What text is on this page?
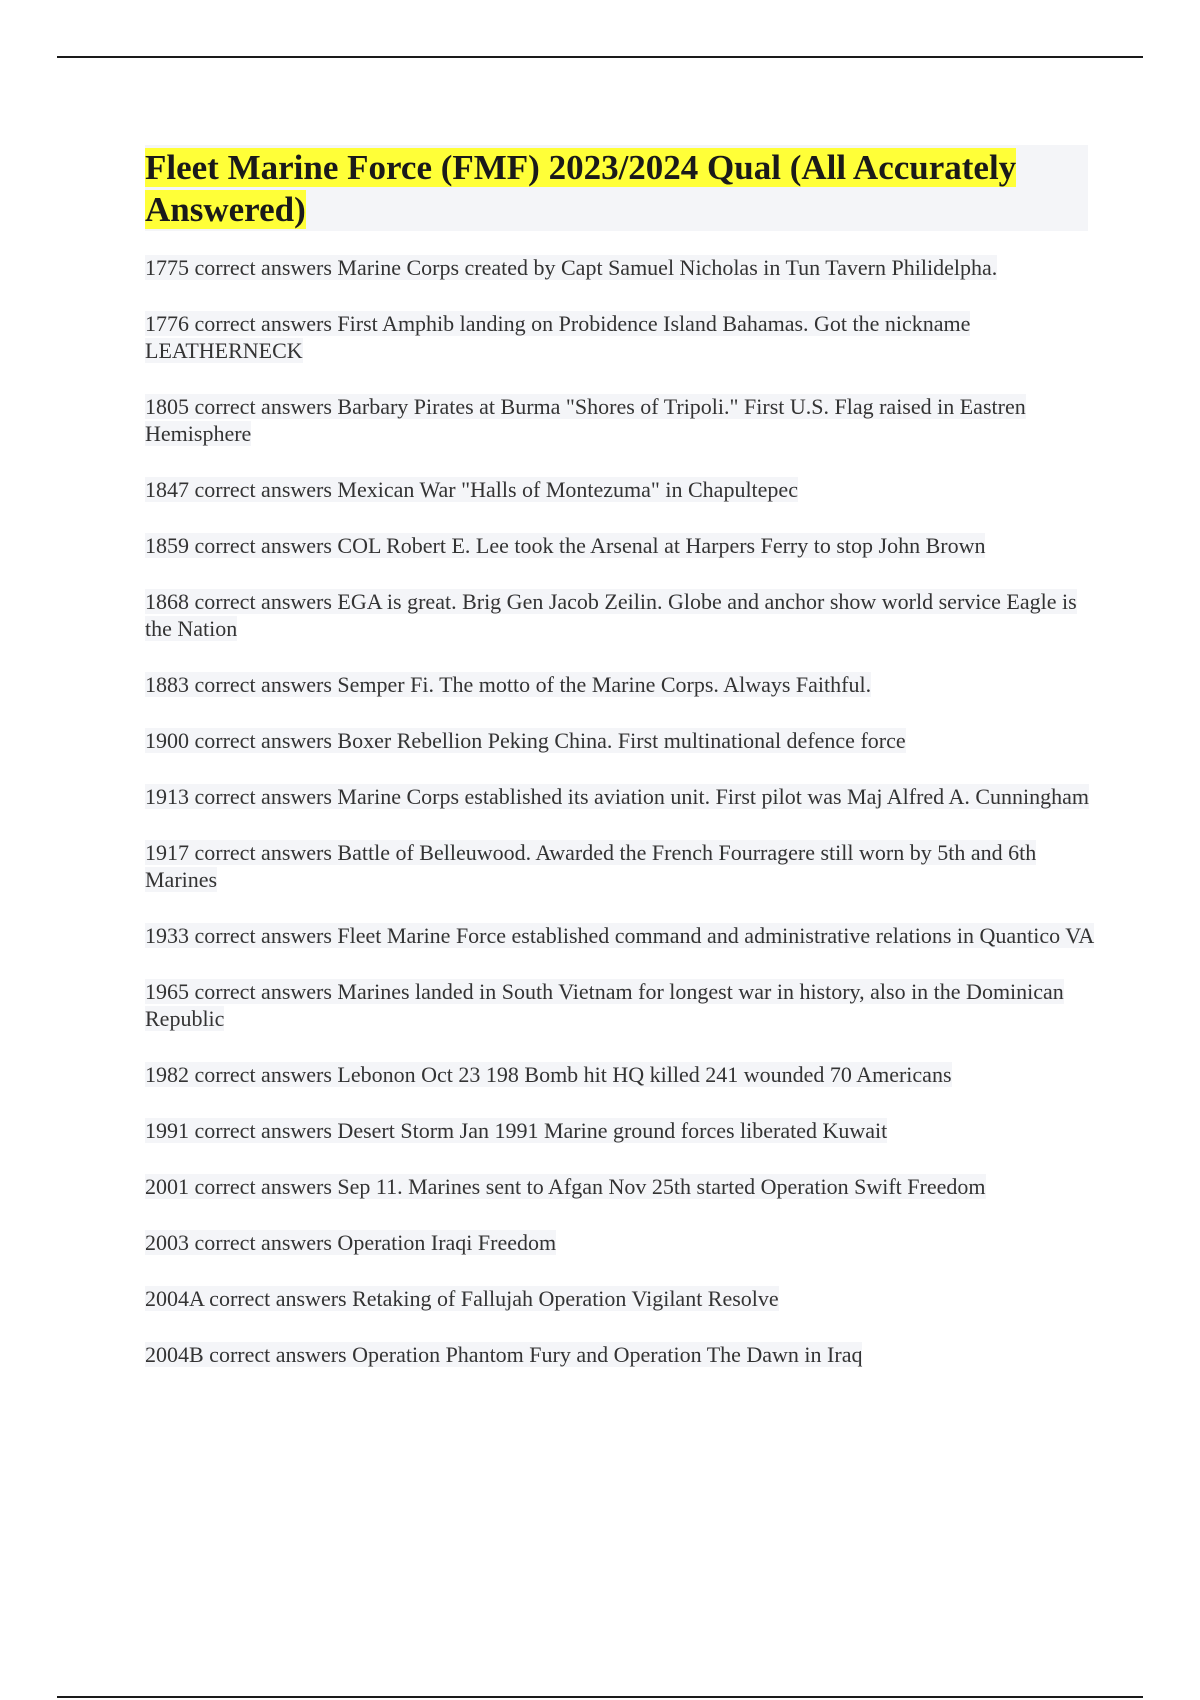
Fleet Marine Force (FMF) 2023/2024 Qual (All Accurately Answered)

1775 correct answers Marine Corps created by Capt Samuel Nicholas in Tun Tavern Philidelpha.

1776 correct answers First Amphib landing on Probidence Island Bahamas. Got the nickname LEATHERNECK

1805 correct answers Barbary Pirates at Burma "Shores of Tripoli." First U.S. Flag raised in Eastren Hemisphere

1847 correct answers Mexican War "Halls of Montezuma" in Chapultepec

1859 correct answers COL Robert E. Lee took the Arsenal at Harpers Ferry to stop John Brown

1868 correct answers EGA is great. Brig Gen Jacob Zeilin. Globe and anchor show world service Eagle is the Nation

1883 correct answers Semper Fi. The motto of the Marine Corps. Always Faithful.

1900 correct answers Boxer Rebellion Peking China. First multinational defence force

1913 correct answers Marine Corps established its aviation unit. First pilot was Maj Alfred A. Cunningham

1917 correct answers Battle of Belleuwood. Awarded the French Fourragere still worn by 5th and 6th Marines

1933 correct answers Fleet Marine Force established command and administrative relations in Quantico VA

1965 correct answers Marines landed in South Vietnam for longest war in history, also in the Dominican Republic

1982 correct answers Lebonon Oct 23 198 Bomb hit HQ killed 241 wounded 70 Americans

1991 correct answers Desert Storm Jan 1991 Marine ground forces liberated Kuwait

2001 correct answers Sep 11. Marines sent to Afgan Nov 25th started Operation Swift Freedom

2003 correct answers Operation Iraqi Freedom

2004A correct answers Retaking of Fallujah Operation Vigilant Resolve

2004B correct answers Operation Phantom Fury and Operation The Dawn in Iraq
